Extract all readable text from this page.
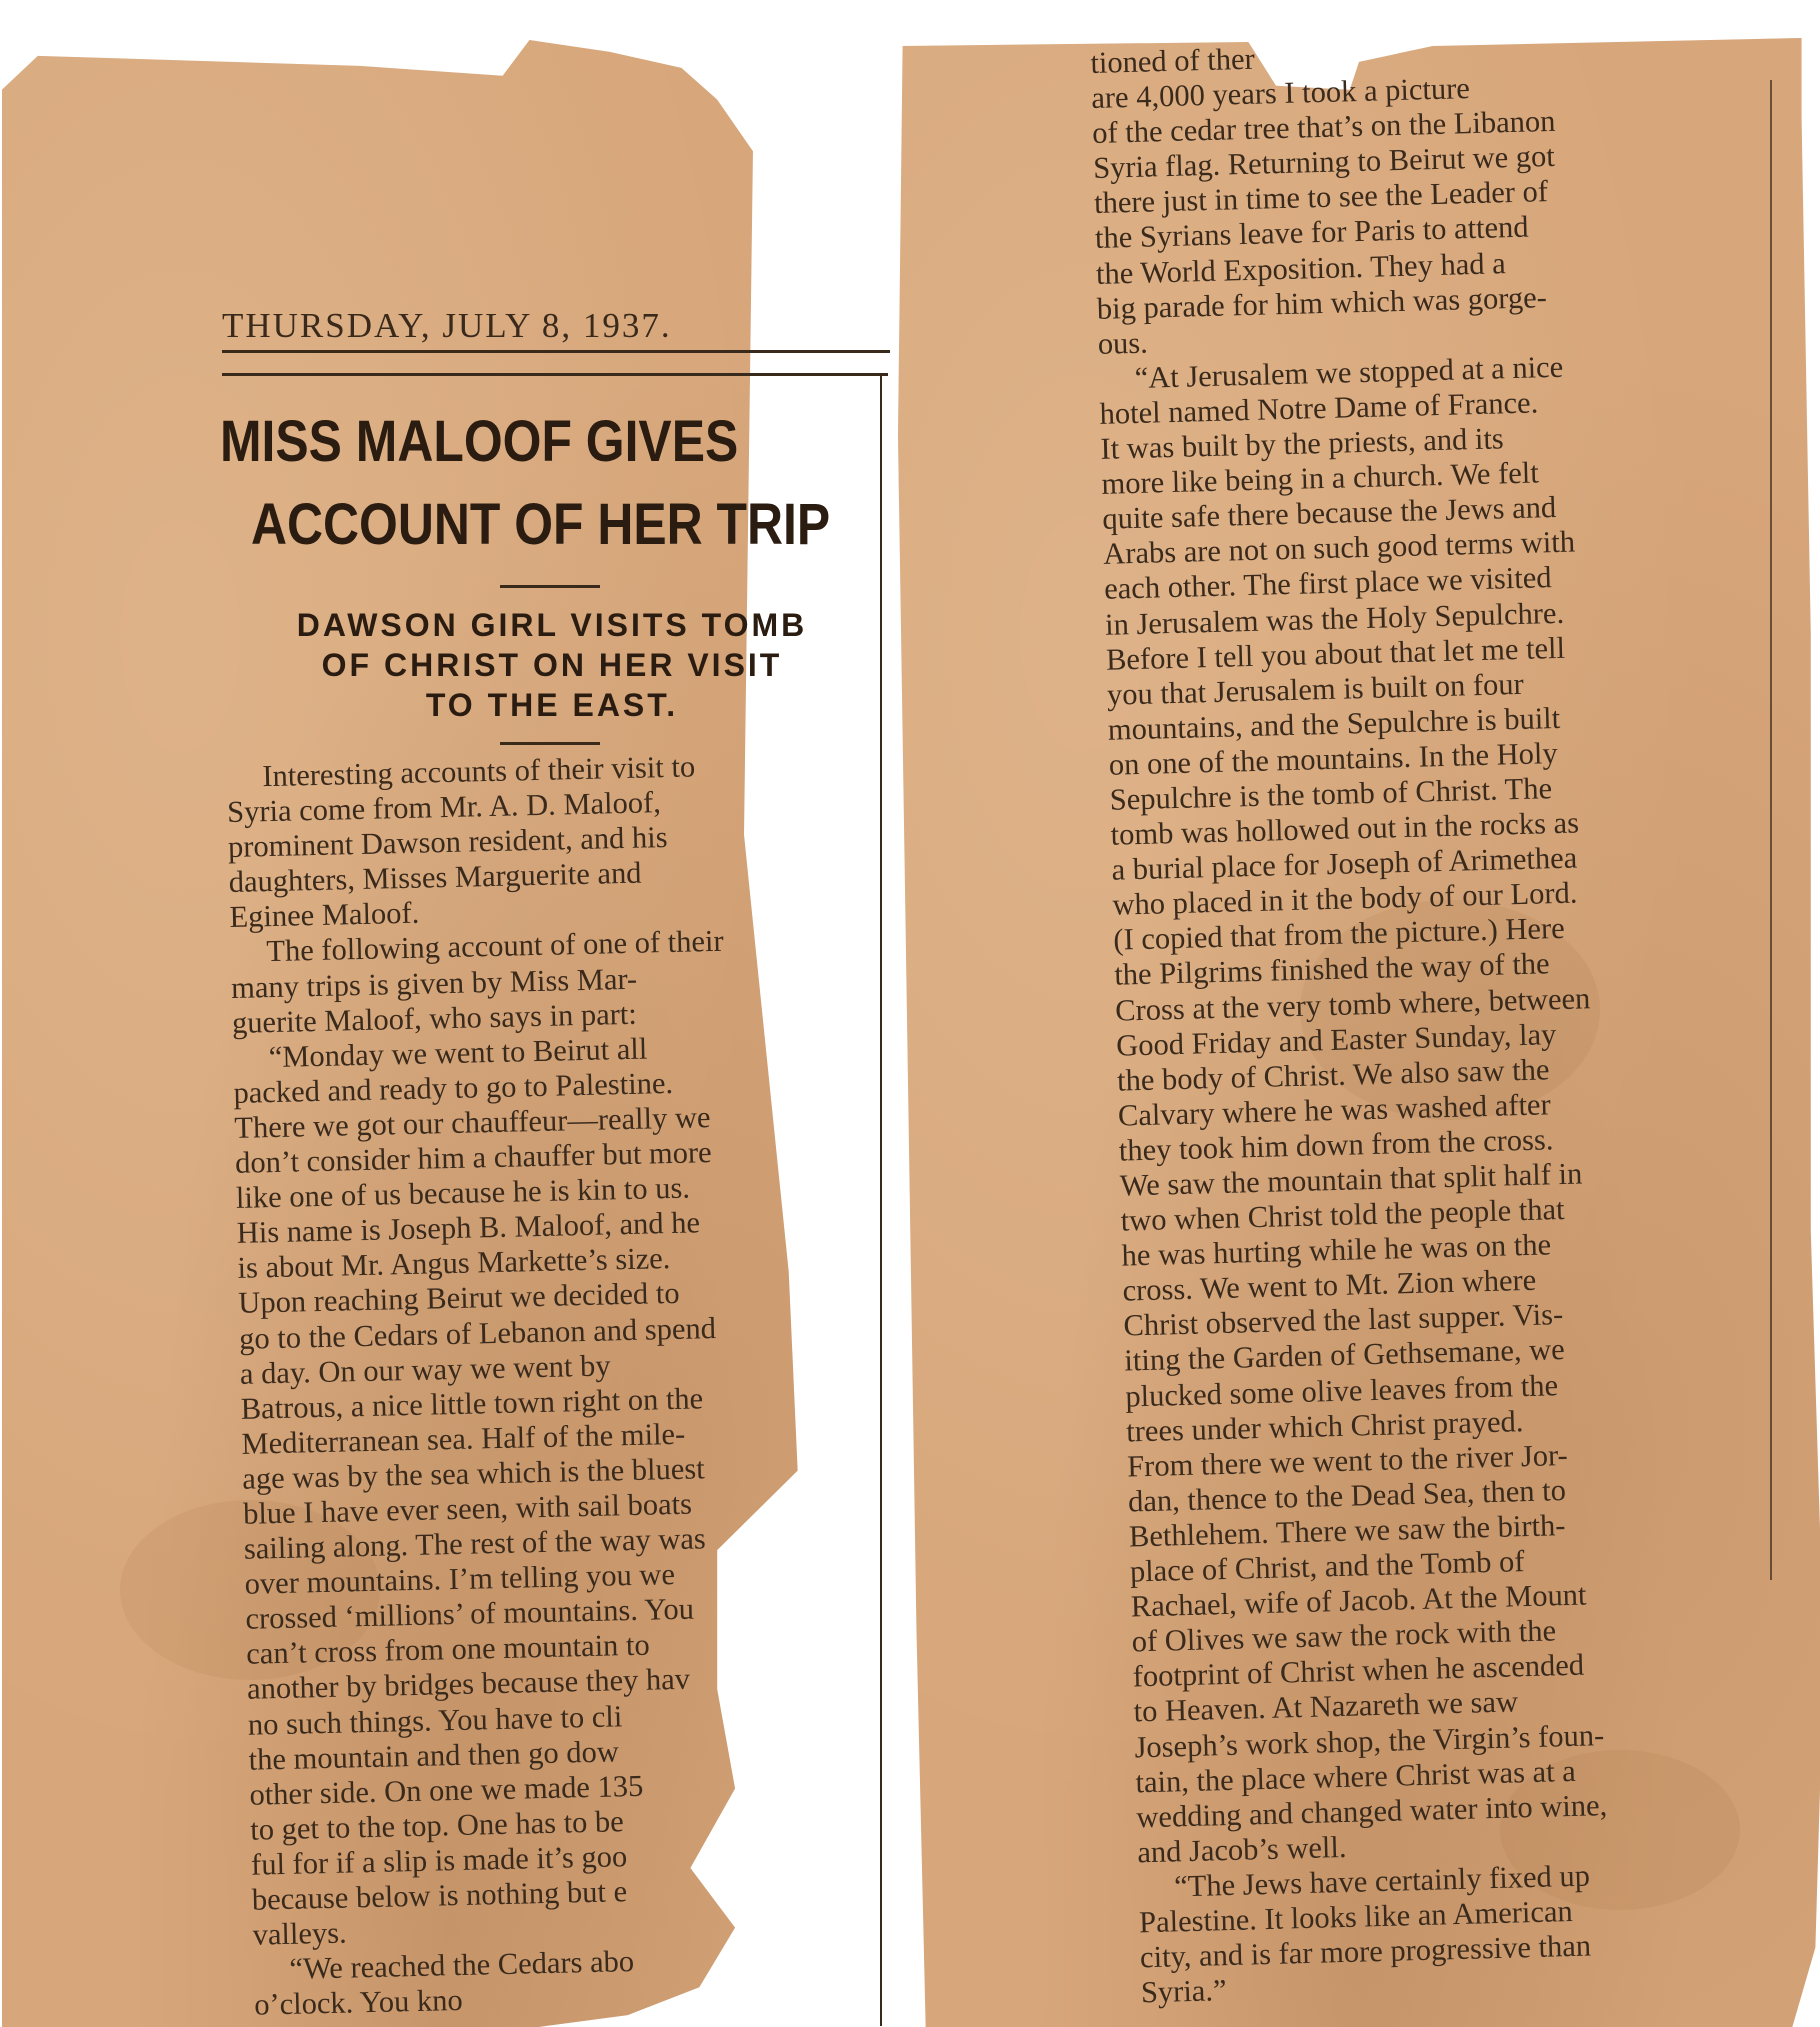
THURSDAY, JULY 8, 1937.
MISS MALOOF GIVES
ACCOUNT OF HER TRIP
DAWSON GIRL VISITS TOMB
OF CHRIST ON HER VISIT
TO THE EAST.
Interesting accounts of their visit to
Syria come from Mr. A. D. Maloof,
prominent Dawson resident, and his
daughters, Misses Marguerite and
Eginee Maloof.
The following account of one of their
many trips is given by Miss Mar-
guerite Maloof, who says in part:
“Monday we went to Beirut all
packed and ready to go to Palestine.
There we got our chauffeur—really we
don’t consider him a chauffer but more
like one of us because he is kin to us.
His name is Joseph B. Maloof, and he
is about Mr. Angus Markette’s size.
Upon reaching Beirut we decided to
go to the Cedars of Lebanon and spend
a day. On our way we went by
Batrous, a nice little town right on the
Mediterranean sea. Half of the mile-
age was by the sea which is the bluest
blue I have ever seen, with sail boats
sailing along. The rest of the way was
over mountains. I’m telling you we
crossed ‘millions’ of mountains. You
can’t cross from one mountain to
another by bridges because they hav
no such things. You have to cli
the mountain and then go dow
other side. On one we made 135
to get to the top. One has to be
ful for if a slip is made it’s goo
because below is nothing but e
valleys.
“We reached the Cedars abo
o’clock. You kno
tioned of ther
are 4,000 years I took a picture
of the cedar tree that’s on the Libanon
Syria flag. Returning to Beirut we got
there just in time to see the Leader of
the Syrians leave for Paris to attend
the World Exposition. They had a
big parade for him which was gorge-
ous.
“At Jerusalem we stopped at a nice
hotel named Notre Dame of France.
It was built by the priests, and its
more like being in a church. We felt
quite safe there because the Jews and
Arabs are not on such good terms with
each other. The first place we visited
in Jerusalem was the Holy Sepulchre.
Before I tell you about that let me tell
you that Jerusalem is built on four
mountains, and the Sepulchre is built
on one of the mountains. In the Holy
Sepulchre is the tomb of Christ. The
tomb was hollowed out in the rocks as
a burial place for Joseph of Arimethea
who placed in it the body of our Lord.
(I copied that from the picture.) Here
the Pilgrims finished the way of the
Cross at the very tomb where, between
Good Friday and Easter Sunday, lay
the body of Christ. We also saw the
Calvary where he was washed after
they took him down from the cross.
We saw the mountain that split half in
two when Christ told the people that
he was hurting while he was on the
cross. We went to Mt. Zion where
Christ observed the last supper. Vis-
iting the Garden of Gethsemane, we
plucked some olive leaves from the
trees under which Christ prayed.
From there we went to the river Jor-
dan, thence to the Dead Sea, then to
Bethlehem. There we saw the birth-
place of Christ, and the Tomb of
Rachael, wife of Jacob. At the Mount
of Olives we saw the rock with the
footprint of Christ when he ascended
to Heaven. At Nazareth we saw
Joseph’s work shop, the Virgin’s foun-
tain, the place where Christ was at a
wedding and changed water into wine,
and Jacob’s well.
“The Jews have certainly fixed up
Palestine. It looks like an American
city, and is far more progressive than
Syria.”
